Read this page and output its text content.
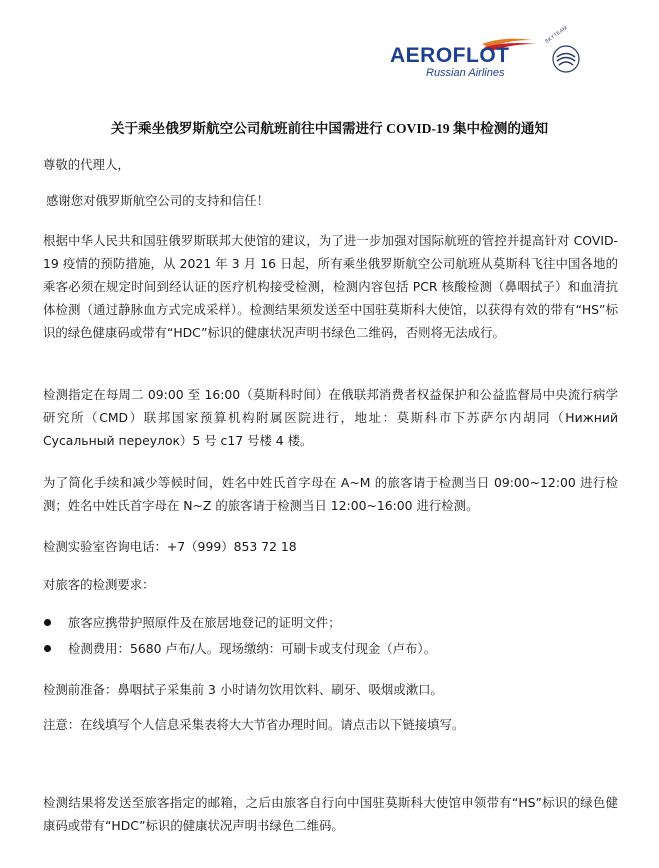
AEROFLOT
Russian Airlines
SKYTEAM
关于乘坐俄罗斯航空公司航班前往中国需进行 COVID-19 集中检测的通知
尊敬的代理人，
感谢您对俄罗斯航空公司的支持和信任！
根据中华人民共和国驻俄罗斯联邦大使馆的建议，为了进一步加强对国际航班的管控并提高针对 COVID-19 疫情的预防措施，从 2021 年 3 月 16 日起，所有乘坐俄罗斯航空公司航班从莫斯科飞往中国各地的乘客必须在规定时间到经认证的医疗机构接受检测，检测内容包括 PCR 核酸检测（鼻咽拭子）和血清抗体检测（通过静脉血方式完成采样）。检测结果须发送至中国驻莫斯科大使馆，以获得有效的带有“HS”标识的绿色健康码或带有“HDC”标识的健康状况声明书绿色二维码，否则将无法成行。
检测指定在每周二 09:00 至 16:00（莫斯科时间）在俄联邦消费者权益保护和公益监督局中央流行病学研究所（CMD）联邦国家预算机构附属医院进行，地址：莫斯科市下苏萨尔内胡同（Нижний Сусальный переулок）5 号 с17 号楼 4 楼。
为了简化手续和减少等候时间，姓名中姓氏首字母在 A~M 的旅客请于检测当日 09:00~12:00 进行检测；姓名中姓氏首字母在 N~Z 的旅客请于检测当日 12:00~16:00 进行检测。
检测实验室咨询电话：+7（999）853 72 18
对旅客的检测要求：
旅客应携带护照原件及在旅居地登记的证明文件；
检测费用：5680 卢布/人。现场缴纳：可刷卡或支付现金（卢布）。
检测前准备：鼻咽拭子采集前 3 小时请勿饮用饮料、刷牙、吸烟或漱口。
注意：在线填写个人信息采集表将大大节省办理时间。请点击以下链接填写。
检测结果将发送至旅客指定的邮箱，之后由旅客自行向中国驻莫斯科大使馆申领带有“HS”标识的绿色健康码或带有“HDC”标识的健康状况声明书绿色二维码。
